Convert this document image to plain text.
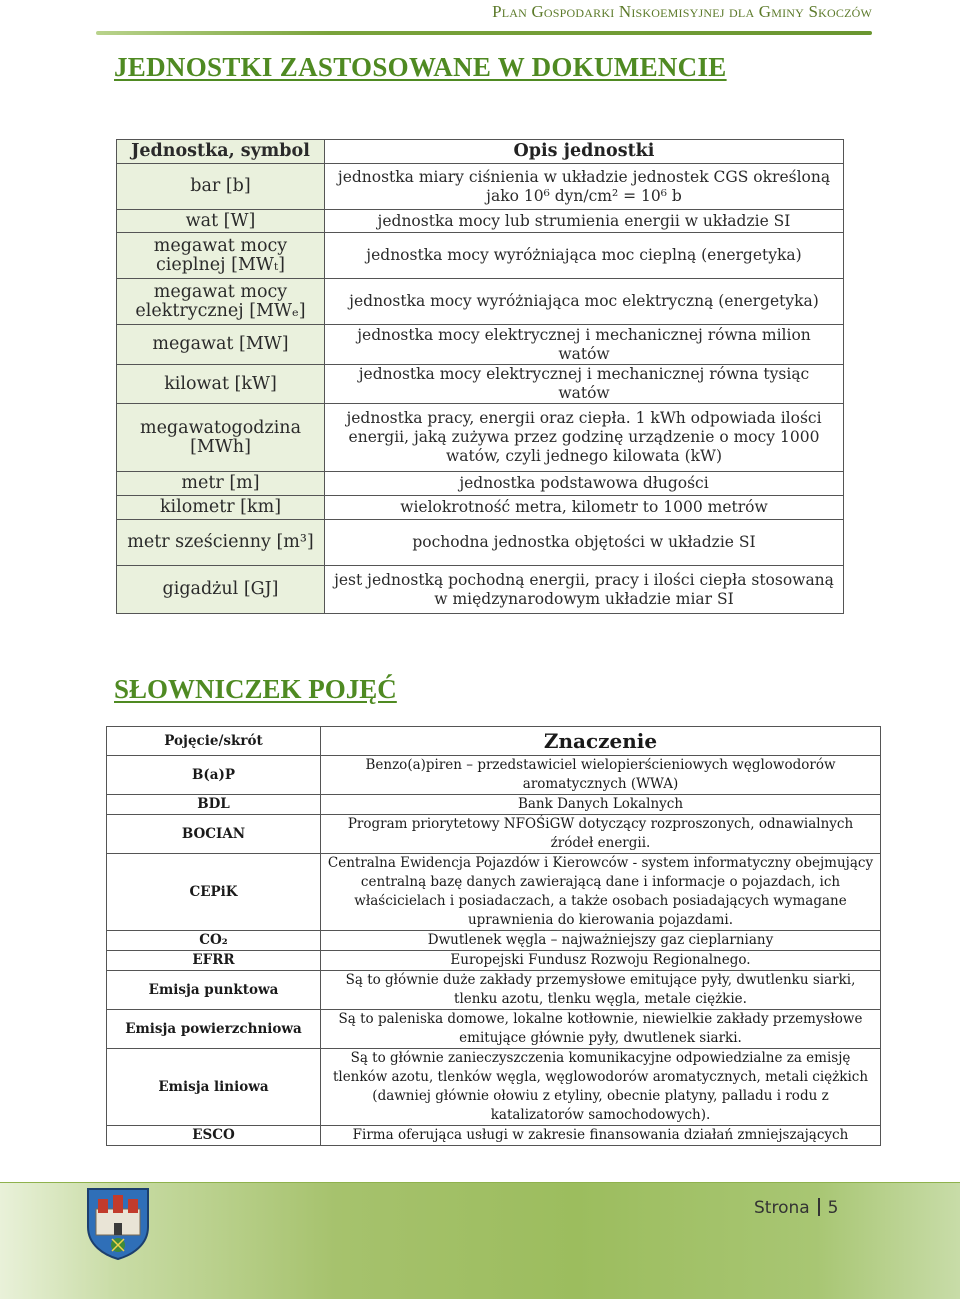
Plan Gospodarki Niskoemisyjnej dla Gminy Skoczów
JEDNOSTKI ZASTOSOWANE W DOKUMENCIE
Jednostka, symbol	Opis jednostki
bar [b]	jednostka miary ciśnienia w układzie jednostek CGS określoną jako 10⁶ dyn/cm² = 10⁶ b
wat [W]	jednostka mocy lub strumienia energii w układzie SI
megawat mocy cieplnej [MWₜ]	jednostka mocy wyróżniająca moc cieplną (energetyka)
megawat mocy elektrycznej [MWₑ]	jednostka mocy wyróżniająca moc elektryczną (energetyka)
megawat [MW]	jednostka mocy elektrycznej i mechanicznej równa milion watów
kilowat [kW]	jednostka mocy elektrycznej i mechanicznej równa tysiąc watów
megawatogodzina [MWh]	jednostka pracy, energii oraz ciepła. 1 kWh odpowiada ilości energii, jaką zużywa przez godzinę urządzenie o mocy 1000 watów, czyli jednego kilowata (kW)
metr [m]	jednostka podstawowa długości
kilometr [km]	wielokrotność metra, kilometr to 1000 metrów
metr sześcienny [m³]	pochodna jednostka objętości w układzie SI
gigadżul [GJ]	jest jednostką pochodną energii, pracy i ilości ciepła stosowaną w międzynarodowym układzie miar SI
SŁOWNICZEK POJĘĆ
Pojęcie/skrót	Znaczenie
B(a)P	Benzo(a)piren – przedstawiciel wielopierścieniowych węglowodorów aromatycznych (WWA)
BDL	Bank Danych Lokalnych
BOCIAN	Program priorytetowy NFOŚiGW dotyczący rozproszonych, odnawialnych źródeł energii.
CEPiK	Centralna Ewidencja Pojazdów i Kierowców - system informatyczny obejmujący centralną bazę danych zawierającą dane i informacje o pojazdach, ich właścicielach i posiadaczach, a także osobach posiadających wymagane uprawnienia do kierowania pojazdami.
CO₂	Dwutlenek węgla – najważniejszy gaz cieplarniany
EFRR	Europejski Fundusz Rozwoju Regionalnego.
Emisja punktowa	Są to głównie duże zakłady przemysłowe emitujące pyły, dwutlenku siarki, tlenku azotu, tlenku węgla, metale ciężkie.
Emisja powierzchniowa	Są to paleniska domowe, lokalne kotłownie, niewielkie zakłady przemysłowe emitujące głównie pyły, dwutlenek siarki.
Emisja liniowa	Są to głównie zanieczyszczenia komunikacyjne odpowiedzialne za emisję tlenków azotu, tlenków węgla, węglowodorów aromatycznych, metali ciężkich (dawniej głównie ołowiu z etyliny, obecnie platyny, palladu i rodu z katalizatorów samochodowych).
ESCO	Firma oferująca usługi w zakresie finansowania działań zmniejszających
Strona 5
